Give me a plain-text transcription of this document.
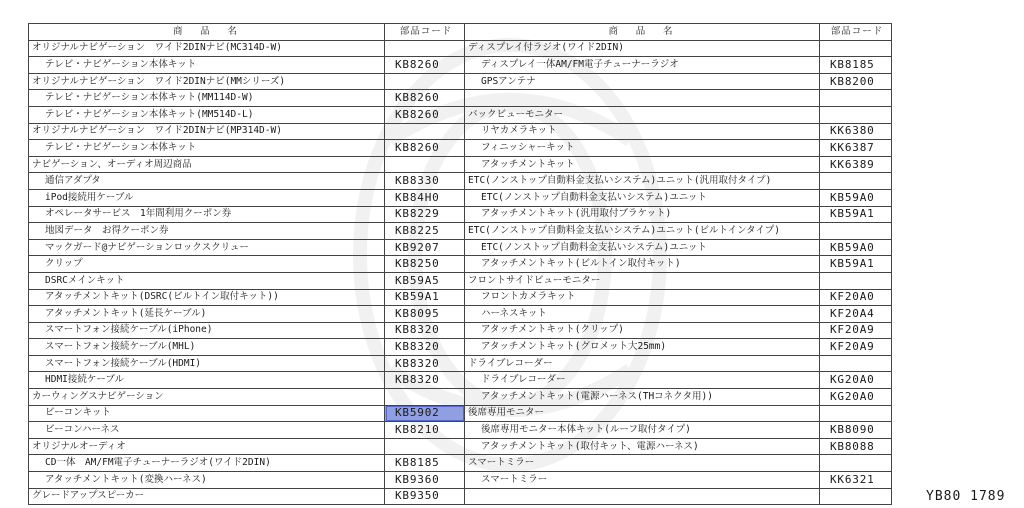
商 品 名	部品コード
オリジナルナビゲーション　ワイド2DINナビ(MC314D-W)	
テレビ・ナビゲーション本体キット	KB8260
オリジナルナビゲーション　ワイド2DINナビ(MMシリーズ)	
テレビ・ナビゲーション本体キット(MM114D-W)	KB8260
テレビ・ナビゲーション本体キット(MM514D-L)	KB8260
オリジナルナビゲーション　ワイド2DINナビ(MP314D-W)	
テレビ・ナビゲーション本体キット	KB8260
ナビゲーション、オーディオ周辺商品	
通信アダプタ	KB8330
iPod接続用ケーブル	KB84H0
オペレータサービス　1年間利用クーポン券	KB8229
地図データ　お得クーポン券	KB8225
マックガード@ナビゲーションロックスクリュー	KB9207
クリップ	KB8250
DSRCメインキット	KB59A5
アタッチメントキット(DSRC(ビルトイン取付キット))	KB59A1
アタッチメントキット(延長ケーブル)	KB8095
スマートフォン接続ケーブル(iPhone)	KB8320
スマートフォン接続ケーブル(MHL)	KB8320
スマートフォン接続ケーブル(HDMI)	KB8320
HDMI接続ケーブル	KB8320
カーウィングスナビゲーション	
ビーコンキット	KB5902
ビーコンハーネス	KB8210
オリジナルオーディオ	
CD一体　AM/FM電子チューナーラジオ(ワイド2DIN)	KB8185
アタッチメントキット(変換ハーネス)	KB9360
グレードアップスピーカー	KB9350
商 品 名	部品コード
ディスプレイ付ラジオ(ワイド2DIN)	
ディスプレイ一体AM/FM電子チューナーラジオ	KB8185
GPSアンテナ	KB8200

バックビューモニター	
リヤカメラキット	KK6380
フィニッシャーキット	KK6387
アタッチメントキット	KK6389
ETC(ノンストップ自動料金支払いシステム)ユニット(汎用取付タイプ)	
ETC(ノンストップ自動料金支払いシステム)ユニット	KB59A0
アタッチメントキット(汎用取付ブラケット)	KB59A1
ETC(ノンストップ自動料金支払いシステム)ユニット(ビルトインタイプ)	
ETC(ノンストップ自動料金支払いシステム)ユニット	KB59A0
アタッチメントキット(ビルトイン取付キット)	KB59A1
フロントサイドビューモニター	
フロントカメラキット	KF20A0
ハーネスキット	KF20A4
アタッチメントキット(クリップ)	KF20A9
アタッチメントキット(グロメット大25mm)	KF20A9
ドライブレコーダー	
ドライブレコーダー	KG20A0
アタッチメントキット(電源ハーネス(THコネクタ用))	KG20A0
後席専用モニター	
後席専用モニター本体キット(ルーフ取付タイプ)	KB8090
アタッチメントキット(取付キット、電源ハーネス)	KB8088
スマートミラー	
スマートミラー	KK6321

YB80 1789
